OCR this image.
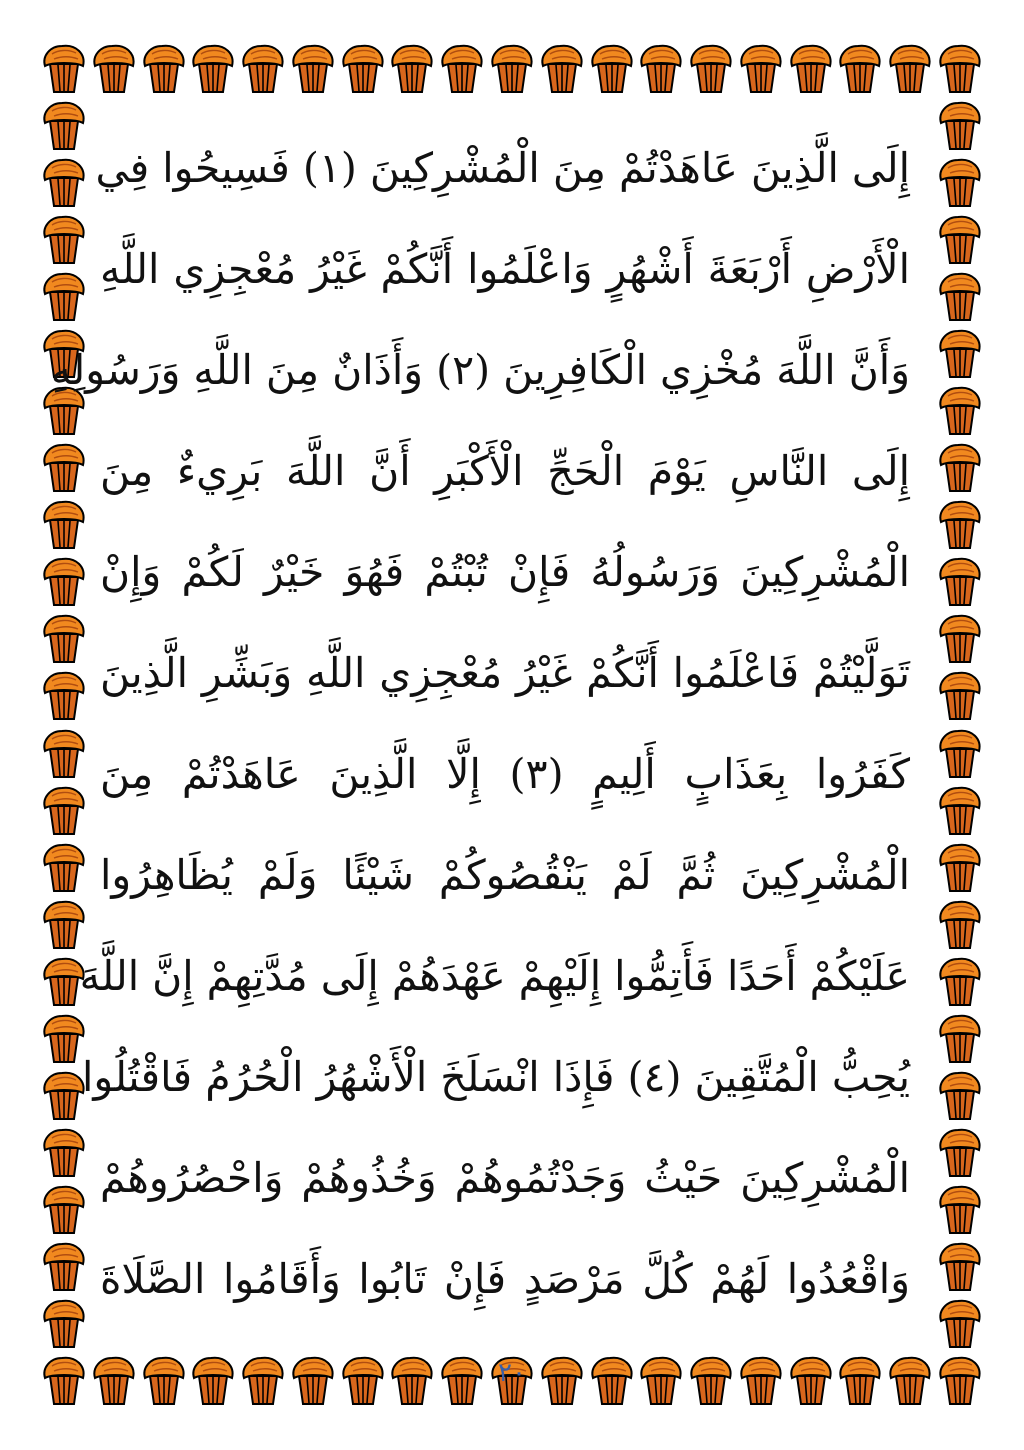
إِلَى الَّذِينَ عَاهَدْتُمْ مِنَ الْمُشْرِكِينَ (١) فَسِيحُوا فِي
الْأَرْضِ أَرْبَعَةَ أَشْهُرٍ وَاعْلَمُوا أَنَّكُمْ غَيْرُ مُعْجِزِي اللَّهِ
وَأَنَّ اللَّهَ مُخْزِي الْكَافِرِينَ (٢) وَأَذَانٌ مِنَ اللَّهِ وَرَسُولِهِ
إِلَى النَّاسِ يَوْمَ الْحَجِّ الْأَكْبَرِ أَنَّ اللَّهَ بَرِيءٌ مِنَ
الْمُشْرِكِينَ وَرَسُولُهُ فَإِنْ تُبْتُمْ فَهُوَ خَيْرٌ لَكُمْ وَإِنْ
تَوَلَّيْتُمْ فَاعْلَمُوا أَنَّكُمْ غَيْرُ مُعْجِزِي اللَّهِ وَبَشِّرِ الَّذِينَ
كَفَرُوا بِعَذَابٍ أَلِيمٍ (٣) إِلَّا الَّذِينَ عَاهَدْتُمْ مِنَ
الْمُشْرِكِينَ ثُمَّ لَمْ يَنْقُصُوكُمْ شَيْئًا وَلَمْ يُظَاهِرُوا
عَلَيْكُمْ أَحَدًا فَأَتِمُّوا إِلَيْهِمْ عَهْدَهُمْ إِلَى مُدَّتِهِمْ إِنَّ اللَّهَ
يُحِبُّ الْمُتَّقِينَ (٤) فَإِذَا انْسَلَخَ الْأَشْهُرُ الْحُرُمُ فَاقْتُلُوا
الْمُشْرِكِينَ حَيْثُ وَجَدْتُمُوهُمْ وَخُذُوهُمْ وَاحْصُرُوهُمْ
وَاقْعُدُوا لَهُمْ كُلَّ مَرْصَدٍ فَإِنْ تَابُوا وَأَقَامُوا الصَّلَاةَ
٢٠
